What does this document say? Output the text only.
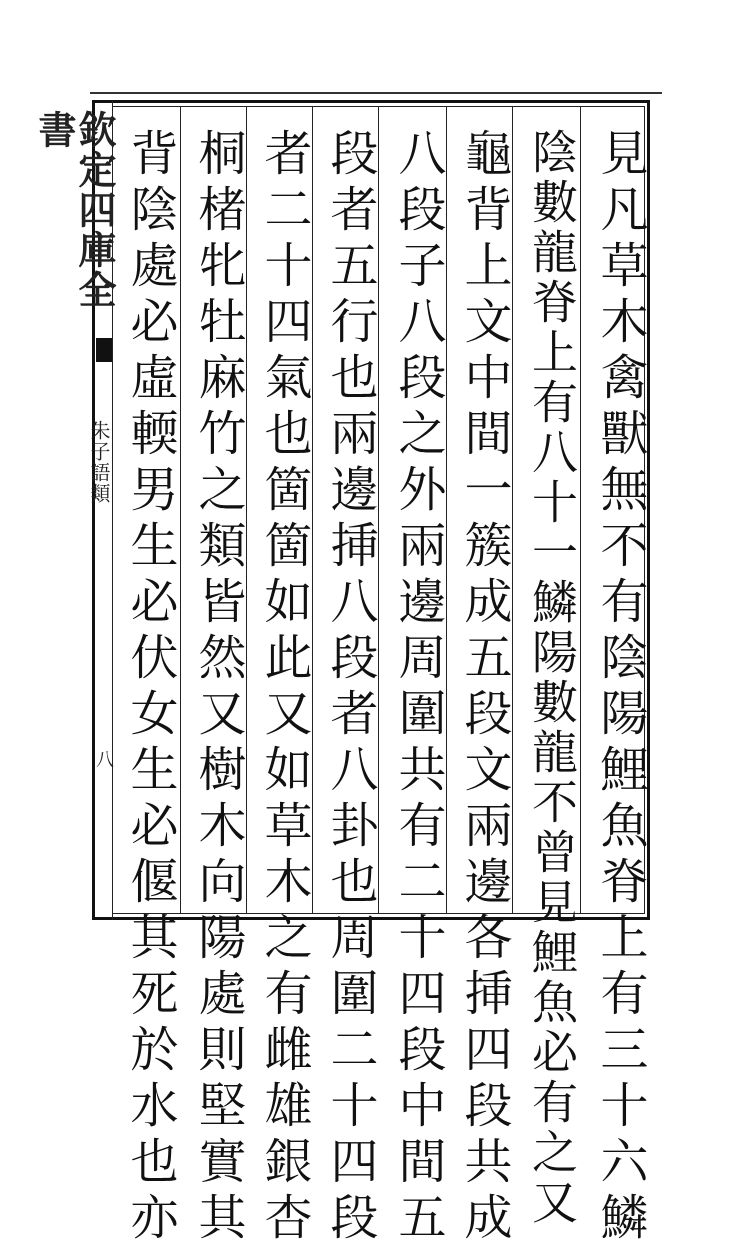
欽定四庫全書
朱子語類
八	見凡草木禽獸無不有陰陽鯉魚脊上有三十六鱗
陰數龍脊上有八十一鱗陽數龍不曾見鯉魚必有之又
龜背上文中間一簇成五段文兩邊各挿四段共成
八段子八段之外兩邊周圍共有二十四段中間五
段者五行也兩邊挿八段者八卦也周圍二十四段
者二十四氣也箇箇如此又如草木之有雌雄銀杏
桐楮牝牡麻竹之類皆然又樹木向陽處則堅實其
背陰處必虛輭男生必伏女生必偃其死於水也亦
